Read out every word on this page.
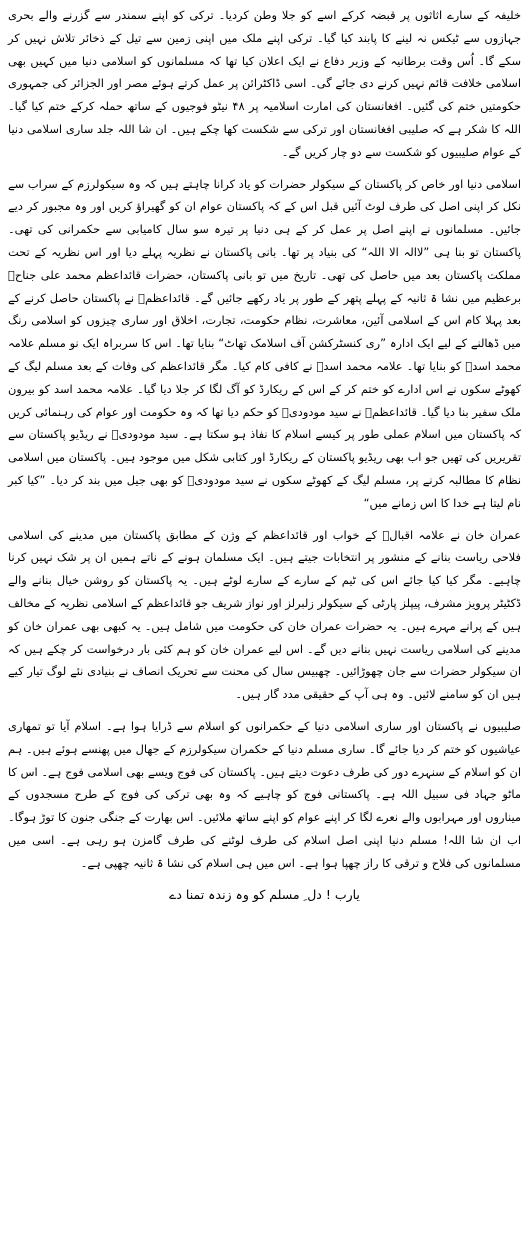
خلیفہ کے سارے اثاثوں پر قبضہ کرکے اسے کو جلا وطن کردیا۔ ترکی کو اپنے سمندر سے گزرنے والے بحری جہازوں سے ٹیکس نہ لینے کا پابند کیا گیا۔ ترکی اپنے ملک میں اپنی زمین سے تیل کے ذخائر تلاش نہیں کر سکے گا۔ اُس وقت برطانیہ کے وزیر دفاع نے ایک اعلان کیا تھا کہ مسلمانوں کو اسلامی دنیا میں کہیں بھی اسلامی خلافت قائم نہیں کرنے دی جائے گی۔ اسی ڈاکٹرائن پر عمل کرتے ہوئے مصر اور الجزائر کی جمہوری حکومتیں ختم کی گئیں۔ افغانستان کی امارت اسلامیہ پر ۴۸ نیٹو فوجیوں کے ساتھ حملہ کرکے ختم کیا گیا۔ اللہ کا شکر ہے کہ صلیبی افغانستان اور ترکی سے شکست کھا چکے ہیں۔ ان شا اللہ جلد ساری اسلامی دنیا کے عوام صلیبیوں کو شکست سے دو چار کریں گے۔

اسلامی دنیا اور خاص کر پاکستان کے سیکولر حضرات کو یاد کرانا چاہتے ہیں کہ وہ سیکولرزم کے سراب سے نکل کر اپنی اصل کی طرف لوٹ آئیں قبل اس کے کہ پاکستان عوام ان کو گھیراؤ کریں اور وہ مجبور کر دیے جائیں۔ مسلمانوں نے اپنے اصل پر عمل کر کے ہی دنیا پر تیرہ سو سال کامیابی سے حکمرانی کی تھی۔ پاکستان تو بنا ہی ”لاالہ الا اللہ“ کی بنیاد پر تھا۔ بانی پاکستان نے نظریہ پہلے دیا اور اس نظریہ کے تحت مملکت پاکستان بعد میں حاصل کی تھی۔ تاریخ میں تو بانی پاکستان، حضرات قائداعظم محمد علی جناحؒ برعظیم میں نشا ۃ ثانیہ کے پہلے پتھر کے طور پر یاد رکھے جائیں گے۔ قائداعظمؒ نے پاکستان حاصل کرنے کے بعد پہلا کام اس کے اسلامی آئین، معاشرت، نظام حکومت، تجارت، اخلاق اور ساری چیزوں کو اسلامی رنگ میں ڈھالنے کے لیے ایک ادارہ ”ری کنسٹرکشن آف اسلامک تھاٹ“ بنایا تھا۔ اس کا سربراہ ایک نو مسلم علامہ محمد اسدؒ کو بنایا تھا۔ علامہ محمد اسدؒ نے کافی کام کیا۔ مگر قائداعظم کی وفات کے بعد مسلم لیگ کے کھوٹے سکوں نے اس ادارے کو ختم کر کے اس کے ریکارڈ کو آگ لگا کر جلا دیا گیا۔ علامہ محمد اسد کو بیرون ملک سفیر بنا دیا گیا۔ قائداعظمؒ نے سید مودودیؒ کو حکم دیا تھا کہ وہ حکومت اور عوام کی رہنمائی کریں کہ پاکستان میں اسلام عملی طور پر کیسے اسلام کا نفاذ ہو سکتا ہے۔ سید مودودیؒ نے ریڈیو پاکستان سے تقریریں کی تھیں جو اب بھی ریڈیو پاکستان کے ریکارڈ اور کتابی شکل میں موجود ہیں۔ پاکستان میں اسلامی نظام کا مطالبہ کرنے پر، مسلم لیگ کے کھوٹے سکوں نے سید مودودیؒ کو بھی جیل میں بند کر دیا۔ ”کیا کبر نام لیتا ہے خدا کا اس زمانے میں“

عمران خان نے علامہ اقبالؒ کے خواب اور قائداعظم کے وژن کے مطابق پاکستان میں مدینے کی اسلامی فلاحی ریاست بنانے کے منشور پر انتخابات جیتے ہیں۔ ایک مسلمان ہونے کے ناتے ہمیں ان پر شک نہیں کرنا چاہیے۔ مگر کیا کیا جائے اس کی ٹیم کے سارے کے سارے لوٹے ہیں۔ یہ پاکستان کو روشن خیال بنانے والے ڈکٹیٹر پرویز مشرف، پیپلز پارٹی کے سیکولر زلبرلز اور نواز شریف جو قائداعظم کے اسلامی نظریہ کے مخالف ہیں کے پرانے مہرے ہیں۔ یہ حضرات عمران خان کی حکومت میں شامل ہیں۔ یہ کبھی بھی عمران خان کو مدینے کی اسلامی ریاست نہیں بنانے دیں گے۔ اس لیے عمران خان کو ہم کئی بار درخواست کر چکے ہیں کہ ان سیکولر حضرات سے جان چھوڑائیں۔ چھبیس سال کی محنت سے تحریک انصاف نے بنیادی نئے لوگ تیار کیے ہیں ان کو سامنے لائیں۔ وہ ہی آپ کے حقیقی مدد گار ہیں۔

صلیبیوں نے پاکستان اور ساری اسلامی دنیا کے حکمرانوں کو اسلام سے ڈرایا ہوا ہے۔ اسلام آیا تو تمھاری عیاشیوں کو ختم کر دیا جائے گا۔ ساری مسلم دنیا کے حکمران سیکولرزم کے جھال میں پھنسے ہوئے ہیں۔ ہم ان کو اسلام کے سنہرے دور کی طرف دعوت دیتے ہیں۔ پاکستان کی فوج ویسے بھی اسلامی فوج ہے۔ اس کا ماٹو جہاد فی سبیل اللہ ہے۔ پاکستانی فوج کو چاہیے کہ وہ بھی ترکی کی فوج کے طرح مسجدوں کے میناروں اور مہرابوں والے نعرے لگا کر اپنے عوام کو اپنے ساتھ ملائیں۔ اس بھارت کے جنگی جنون کا توڑ ہوگا۔ اب ان شا اللہ! مسلم دنیا اپنی اصل اسلام کی طرف لوٹنے کی طرف گامزن ہو رہی ہے۔ اسی میں مسلمانوں کی فلاح و ترقی کا راز چھپا ہوا ہے۔ اس میں ہی اسلام کی نشا ۃ ثانیہ چھپی ہے۔

یارب ! دل ِ مسلم کو وہ زندہ تمنا دے
